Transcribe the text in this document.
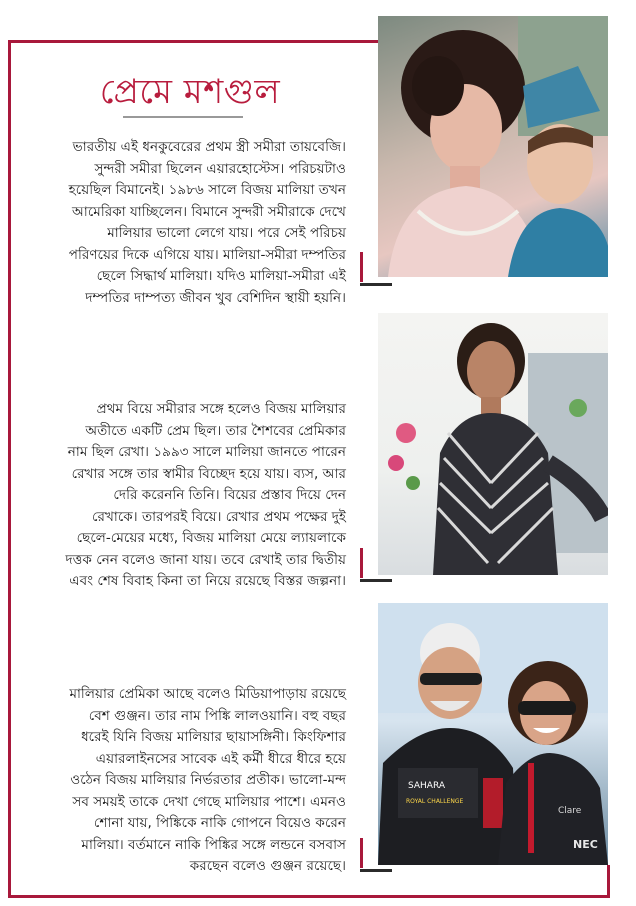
প্রেমে মশগুল
ভারতীয় এই ধনকুবেরের প্রথম স্ত্রী সমীরা তায়বেজি।
সুন্দরী সমীরা ছিলেন এয়ারহোস্টেস। পরিচয়টাও
হয়েছিল বিমানেই। ১৯৮৬ সালে বিজয় মালিয়া তখন
আমেরিকা যাচ্ছিলেন। বিমানে সুন্দরী সমীরাকে দেখে
মালিয়ার ভালো লেগে যায়। পরে সেই পরিচয়
পরিণয়ের দিকে এগিয়ে যায়। মালিয়া-সমীরা দম্পতির
ছেলে সিদ্ধার্থ মালিয়া। যদিও মালিয়া-সমীরা এই
দম্পতির দাম্পত্য জীবন খুব বেশিদিন স্থায়ী হয়নি।
প্রথম বিয়ে সমীরার সঙ্গে হলেও বিজয় মালিয়ার
অতীতে একটি প্রেম ছিল। তার শৈশবের প্রেমিকার
নাম ছিল রেখা। ১৯৯৩ সালে মালিয়া জানতে পারেন
রেখার সঙ্গে তার স্বামীর বিচ্ছেদ হয়ে যায়। ব্যস, আর
দেরি করেননি তিনি। বিয়ের প্রস্তাব দিয়ে দেন
রেখাকে। তারপরই বিয়ে। রেখার প্রথম পক্ষের দুই
ছেলে-মেয়ের মধ্যে, বিজয় মালিয়া মেয়ে ল্যায়লাকে
দত্তক নেন বলেও জানা যায়। তবে রেখাই তার দ্বিতীয়
এবং শেষ বিবাহ কিনা তা নিয়ে রয়েছে বিস্তর জল্পনা।
মালিয়ার প্রেমিকা আছে বলেও মিডিয়াপাড়ায় রয়েছে
বেশ গুঞ্জন। তার নাম পিঙ্কি লালওয়ানি। বহু বছর
ধরেই যিনি বিজয় মালিয়ার ছায়াসঙ্গিনী। কিংফিশার
এয়ারলাইনসের সাবেক এই কর্মী ধীরে ধীরে হয়ে
ওঠেন বিজয় মালিয়ার নির্ভরতার প্রতীক। ভালো-মন্দ
সব সময়ই তাকে দেখা গেছে মালিয়ার পাশে। এমনও
শোনা যায়, পিঙ্কিকে নাকি গোপনে বিয়েও করেন
মালিয়া। বর্তমানে নাকি পিঙ্কির সঙ্গে লন্ডনে বসবাস
করছেন বলেও গুঞ্জন রয়েছে।
SAHARA
ROYAL CHALLENGE
Clare
NEC
